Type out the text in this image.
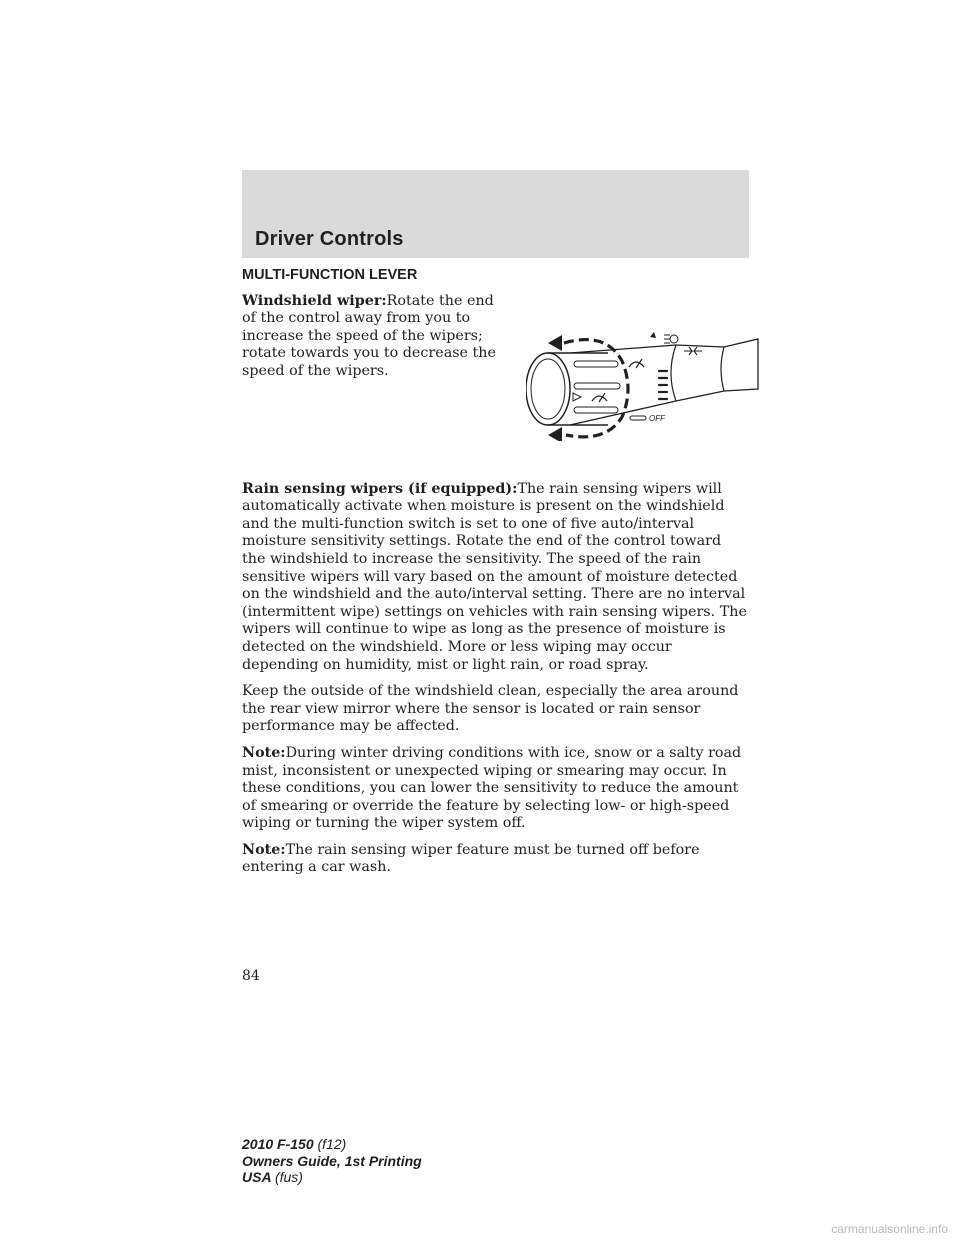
Driver Controls
MULTI-FUNCTION LEVER

Windshield wiper:Rotate the end of the control away from you to increase the speed of the wipers; rotate towards you to decrease the speed of the wipers.

OFF

Rain sensing wipers (if equipped):The rain sensing wipers will automatically activate when moisture is present on the windshield and the multi-function switch is set to one of five auto/interval moisture sensitivity settings. Rotate the end of the control toward the windshield to increase the sensitivity. The speed of the rain sensitive wipers will vary based on the amount of moisture detected on the windshield and the auto/interval setting. There are no interval (intermittent wipe) settings on vehicles with rain sensing wipers. The wipers will continue to wipe as long as the presence of moisture is detected on the windshield. More or less wiping may occur depending on humidity, mist or light rain, or road spray.

Keep the outside of the windshield clean, especially the area around the rear view mirror where the sensor is located or rain sensor performance may be affected.

Note:During winter driving conditions with ice, snow or a salty road mist, inconsistent or unexpected wiping or smearing may occur. In these conditions, you can lower the sensitivity to reduce the amount of smearing or override the feature by selecting low- or high-speed wiping or turning the wiper system off.

Note:The rain sensing wiper feature must be turned off before entering a car wash.

84
2010 F-150 (f12)
Owners Guide, 1st Printing
USA (fus)
carmanualsonline.info
